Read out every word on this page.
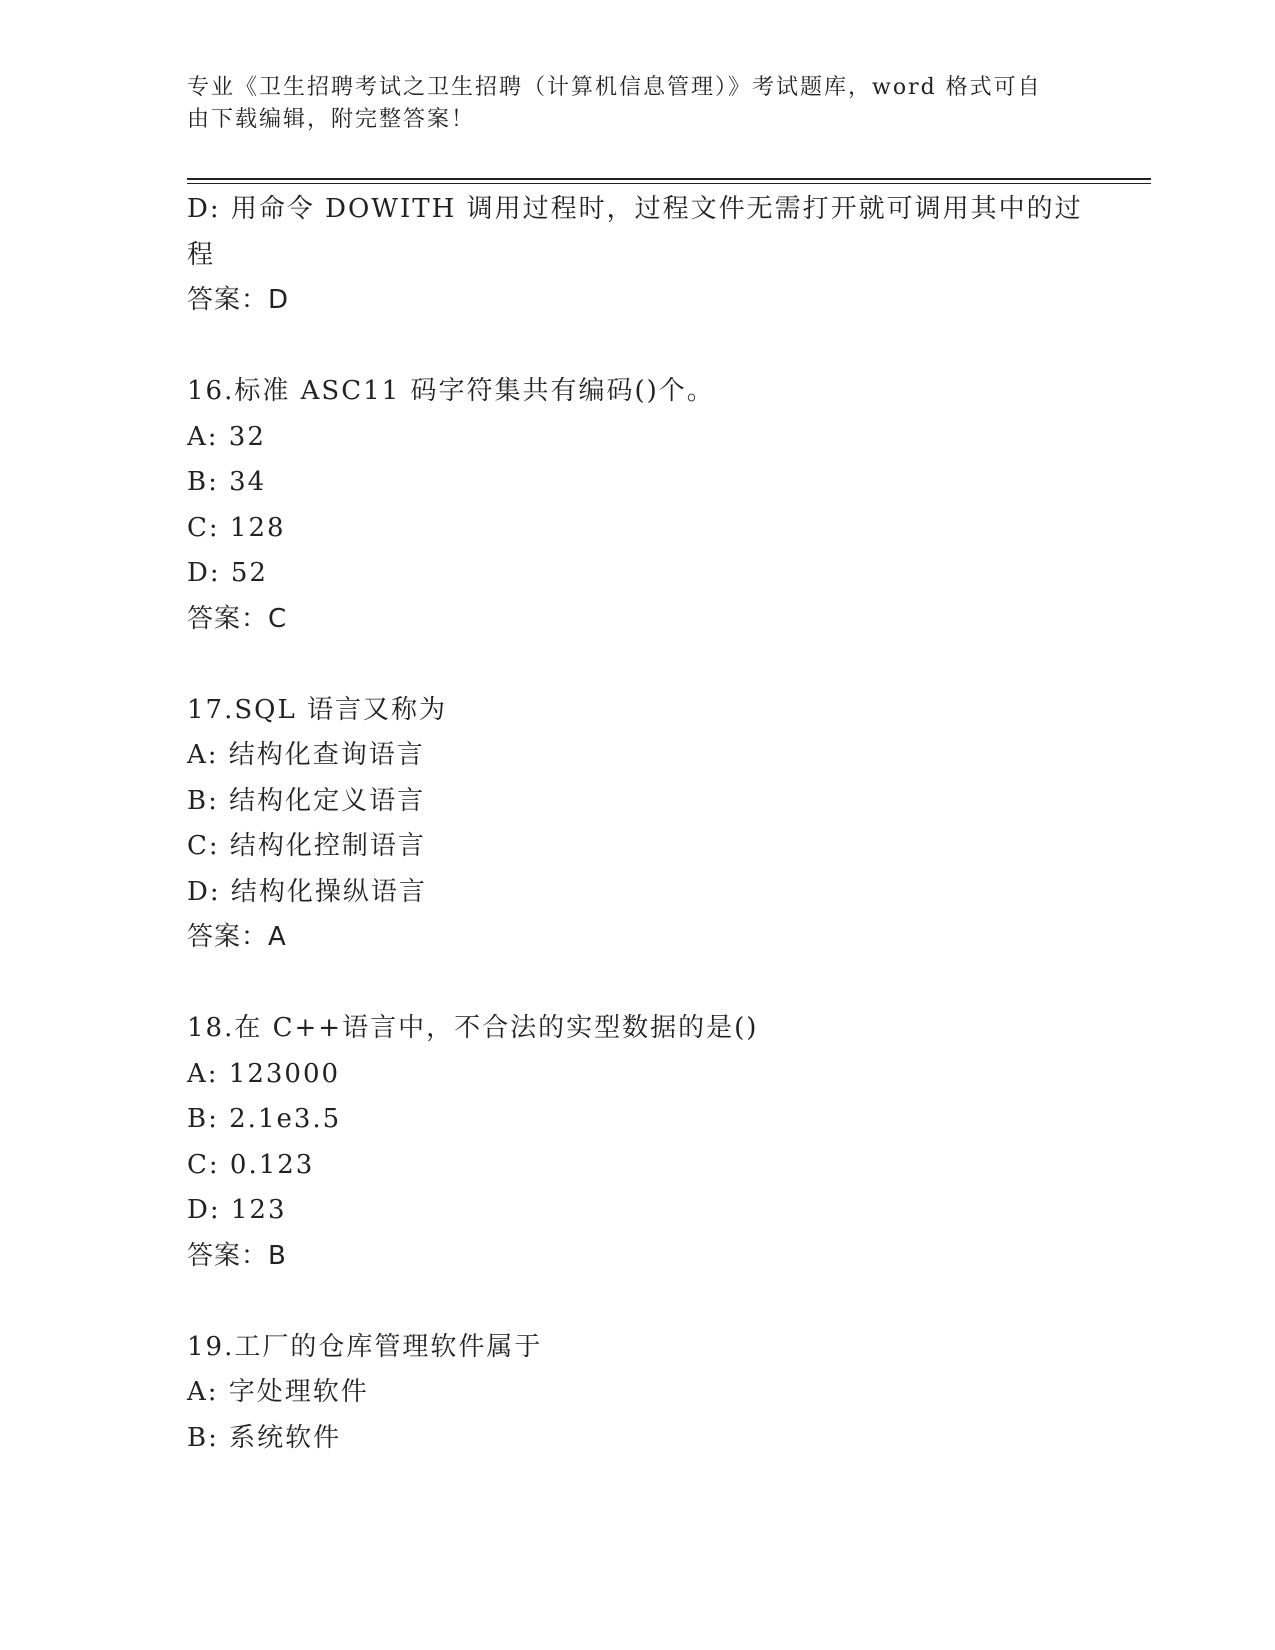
专业《卫生招聘考试之卫生招聘（计算机信息管理）》考试题库，word 格式可自
由下载编辑，附完整答案！
D: 用命令 DOWITH 调用过程时，过程文件无需打开就可调用其中的过
程
答案：D
16.标准 ASC11 码字符集共有编码()个。
A: 32
B: 34
C: 128
D: 52
答案：C
17.SQL 语言又称为
A: 结构化查询语言
B: 结构化定义语言
C: 结构化控制语言
D: 结构化操纵语言
答案：A
18.在 C++语言中，不合法的实型数据的是()
A: 123000
B: 2.1e3.5
C: 0.123
D: 123
答案：B
19.工厂的仓库管理软件属于
A: 字处理软件
B: 系统软件
